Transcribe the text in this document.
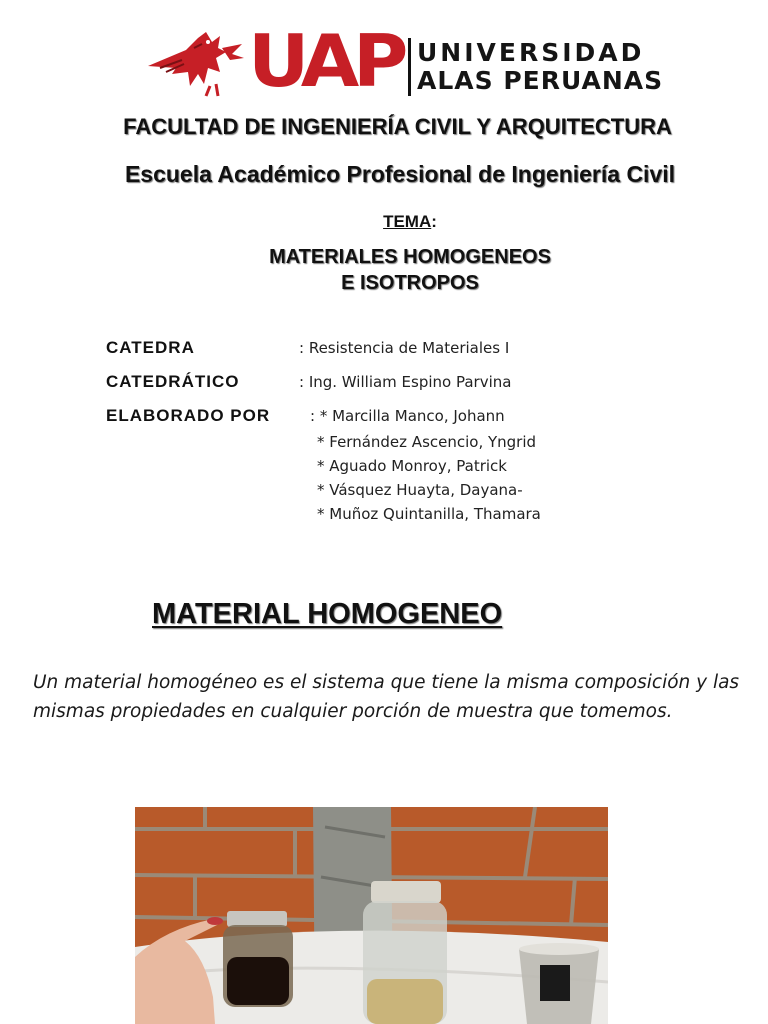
UAP UNIVERSIDAD
ALAS PERUANAS
FACULTAD DE INGENIERÍA CIVIL Y ARQUITECTURA
Escuela Académico Profesional de Ingeniería Civil
TEMA:
MATERIALES HOMOGENEOS
E ISOTROPOS
CATEDRA	: Resistencia de Materiales I
CATEDRÁTICO	: Ing. William Espino Parvina
ELABORADO POR	: * Marcilla Manco, Johann
* Fernández Ascencio, Yngrid
* Aguado Monroy, Patrick
* Vásquez Huayta, Dayana-
* Muñoz Quintanilla, Thamara
MATERIAL HOMOGENEO
Un material homogéneo es el sistema que tiene la misma composición y las mismas propiedades en cualquier porción de muestra que tomemos.
